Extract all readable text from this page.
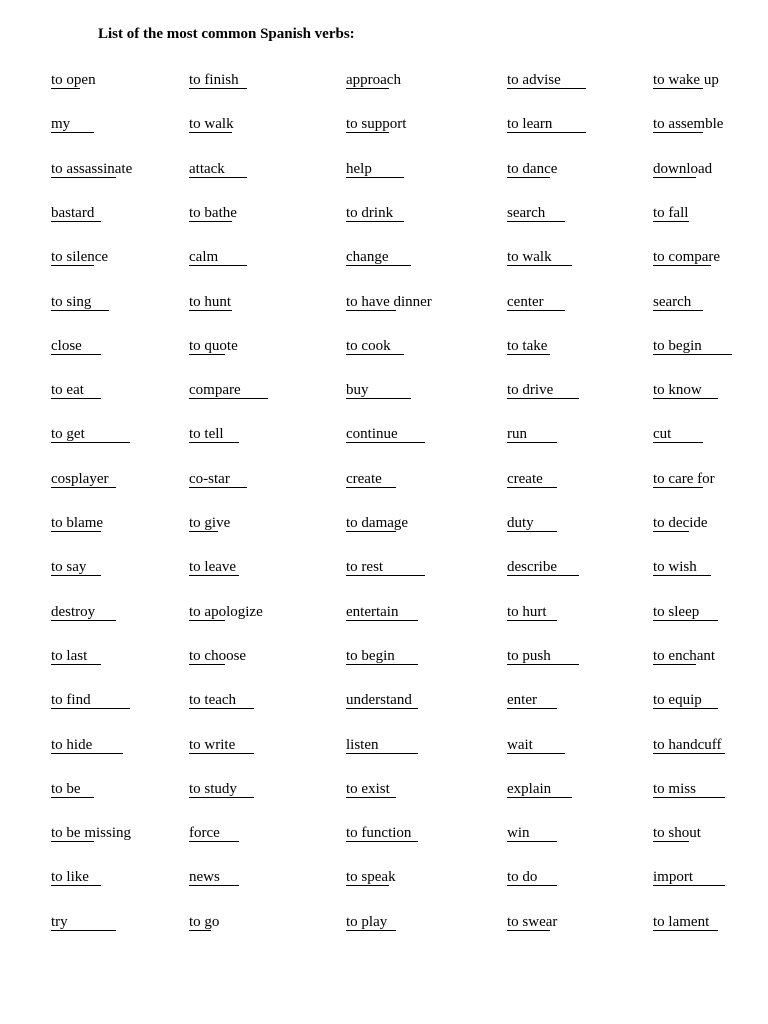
List of the most common Spanish verbs:
to open	to finish	approach	to advise	to wake up
my	to walk	to support	to learn	to assemble
to assassinate	attack	help	to dance	download
bastard	to bathe	to drink	search	to fall
to silence	calm	change	to walk	to compare
to sing	to hunt	to have dinner	center	search
close	to quote	to cook	to take	to begin
to eat	compare	buy	to drive	to know
to get	to tell	continue	run	cut
cosplayer	co-star	create	create	to care for
to blame	to give	to damage	duty	to decide
to say	to leave	to rest	describe	to wish
destroy	to apologize	entertain	to hurt	to sleep
to last	to choose	to begin	to push	to enchant
to find	to teach	understand	enter	to equip
to hide	to write	listen	wait	to handcuff
to be	to study	to exist	explain	to miss
to be missing	force	to function	win	to shout
to like	news	to speak	to do	import
try	to go	to play	to swear	to lament
